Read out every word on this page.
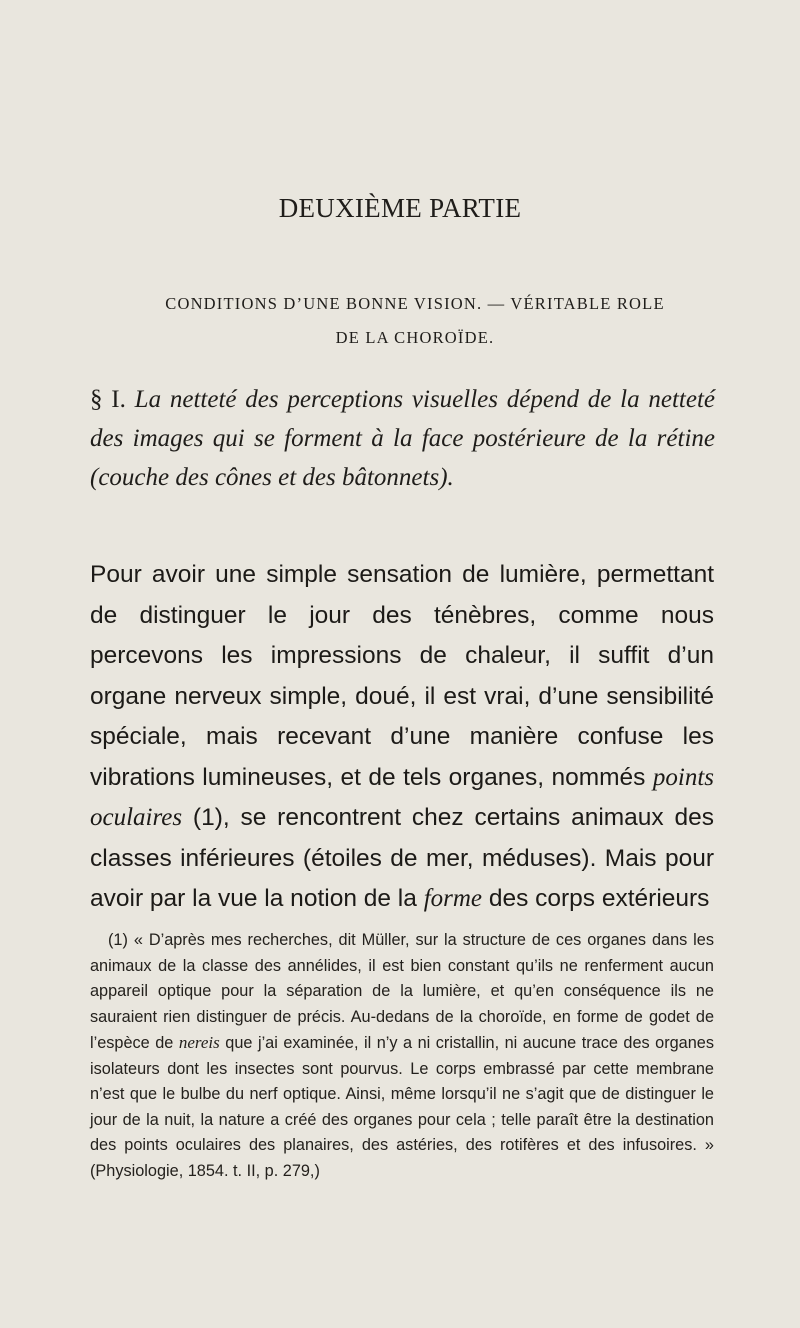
DEUXIÈME PARTIE
CONDITIONS D’UNE BONNE VISION. — VÉRITABLE ROLE
DE LA CHOROÏDE.
§ I. La netteté des perceptions visuelles dépend de la netteté des images qui se forment à la face postérieure de la rétine (couche des cônes et des bâtonnets).
Pour avoir une simple sensation de lumière, permettant de distinguer le jour des ténèbres, comme nous percevons les impressions de chaleur, il suffit d’un organe nerveux simple, doué, il est vrai, d’une sensibilité spéciale, mais recevant d’une manière confuse les vibrations lumineuses, et de tels organes, nommés points oculaires (1), se rencontrent chez certains animaux des classes inférieures (étoiles de mer, méduses). Mais pour avoir par la vue la notion de la forme des corps extérieurs
(1) « D’après mes recherches, dit Müller, sur la structure de ces organes dans les animaux de la classe des annélides, il est bien constant qu’ils ne renferment aucun appareil optique pour la séparation de la lumière, et qu’en conséquence ils ne sauraient rien distinguer de précis. Au-dedans de la choroïde, en forme de godet de l’espèce de nereis que j’ai examinée, il n’y a ni cristallin, ni aucune trace des organes isolateurs dont les insectes sont pourvus. Le corps embrassé par cette membrane n’est que le bulbe du nerf optique. Ainsi, même lorsqu’il ne s’agit que de distinguer le jour de la nuit, la nature a créé des organes pour cela ; telle paraît être la destination des points oculaires des planaires, des astéries, des rotifères et des infusoires. » (Physiologie, 1854. t. II, p. 279,)
